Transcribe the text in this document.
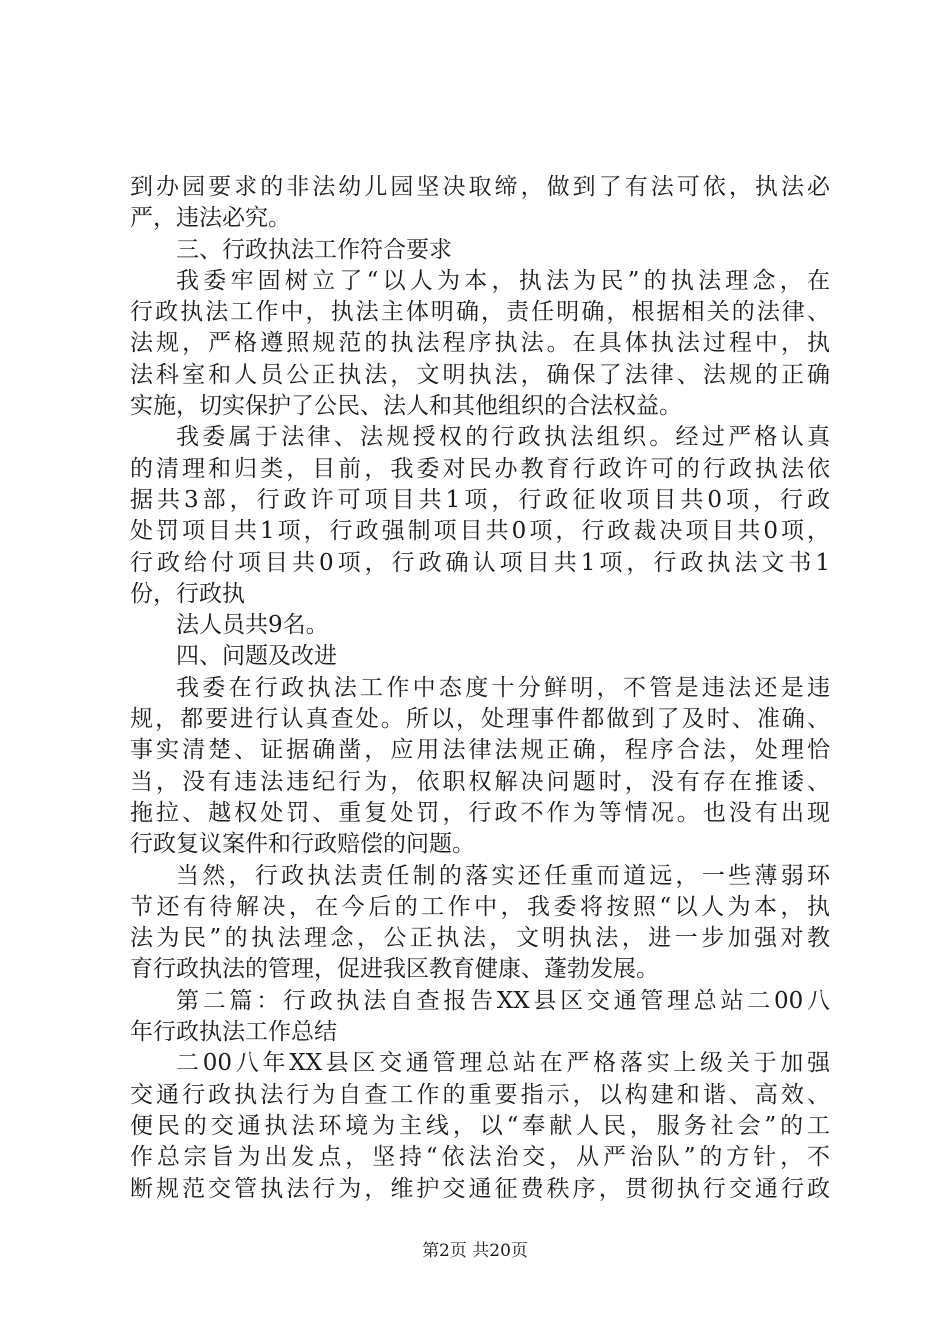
到办园要求的非法幼儿园坚决取缔，做到了有法可依，执法必
严，违法必究。
三、行政执法工作符合要求
我委牢固树立了“以人为本，执法为民”的执法理念，在
行政执法工作中，执法主体明确，责任明确，根据相关的法律、
法规，严格遵照规范的执法程序执法。在具体执法过程中，执
法科室和人员公正执法，文明执法，确保了法律、法规的正确
实施，切实保护了公民、法人和其他组织的合法权益。
我委属于法律、法规授权的行政执法组织。经过严格认真
的清理和归类，目前，我委对民办教育行政许可的行政执法依
据共3部，行政许可项目共1项，行政征收项目共0项，行政
处罚项目共1项，行政强制项目共0项，行政裁决项目共0项，
行政给付项目共0项，行政确认项目共1项，行政执法文书1
份，行政执
法人员共9名。
四、问题及改进
我委在行政执法工作中态度十分鲜明，不管是违法还是违
规，都要进行认真查处。所以，处理事件都做到了及时、准确、
事实清楚、证据确凿，应用法律法规正确，程序合法，处理恰
当，没有违法违纪行为，依职权解决问题时，没有存在推诿、
拖拉、越权处罚、重复处罚，行政不作为等情况。也没有出现
行政复议案件和行政赔偿的问题。
当然，行政执法责任制的落实还任重而道远，一些薄弱环
节还有待解决，在今后的工作中，我委将按照“以人为本，执
法为民”的执法理念，公正执法，文明执法，进一步加强对教
育行政执法的管理，促进我区教育健康、蓬勃发展。
第二篇：行政执法自查报告XX县区交通管理总站二00八
年行政执法工作总结
二00八年XX县区交通管理总站在严格落实上级关于加强
交通行政执法行为自查工作的重要指示，以构建和谐、高效、
便民的交通执法环境为主线，以“奉献人民，服务社会”的工
作总宗旨为出发点，坚持“依法治交，从严治队”的方针，不
断规范交管执法行为，维护交通征费秩序，贯彻执行交通行政
第2页 共20页
